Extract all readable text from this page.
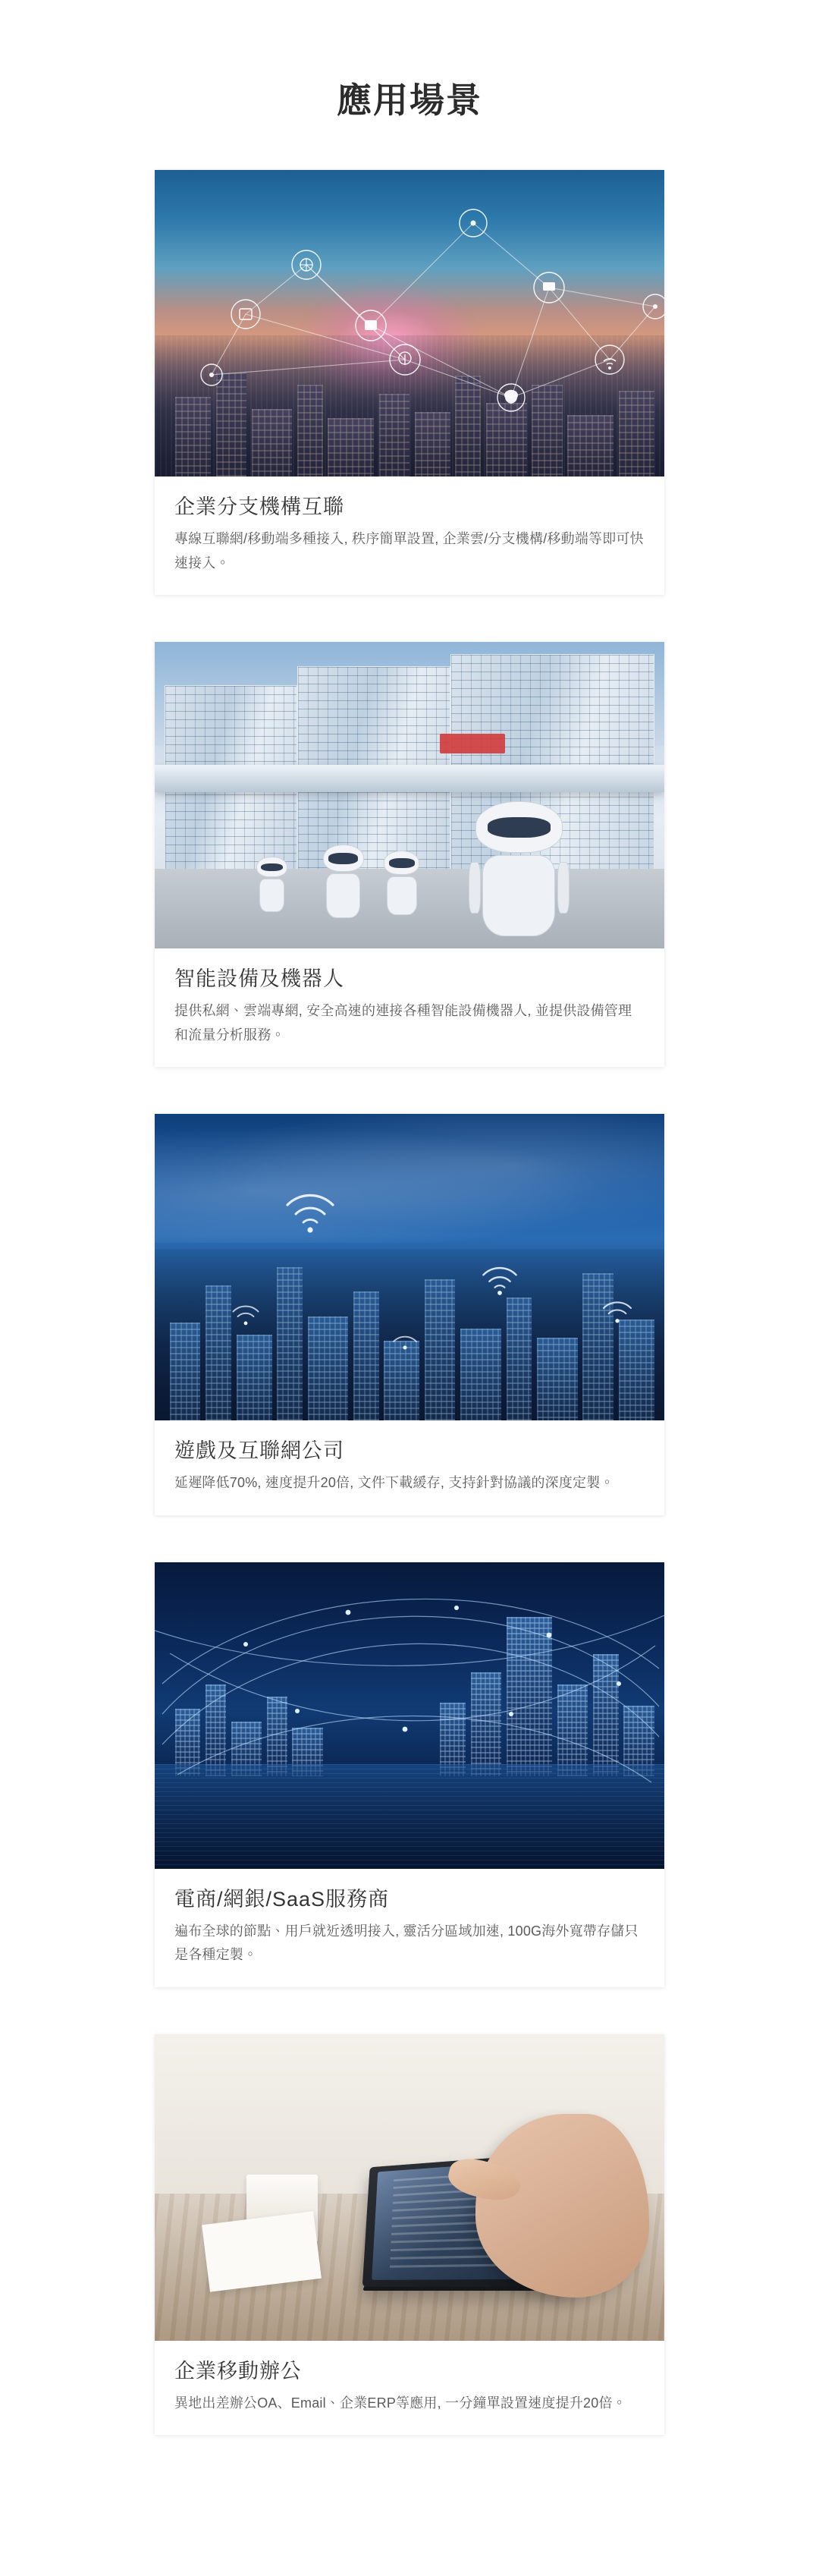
應用場景
企業分支機構互聯
專線互聯網/移動端多種接入, 秩序簡單設置, 企業雲/分支機構/移動端等即可快速接入。
智能設備及機器人
提供私網、雲端專網, 安全高速的連接各種智能設備機器人, 並提供設備管理和流量分析服務。
遊戲及互聯網公司
延遲降低70%, 速度提升20倍, 文件下載緩存, 支持針對協議的深度定製。
電商/網銀/SaaS服務商
遍布全球的節點、用戶就近透明接入, 靈活分區域加速, 100G海外寬帶存儲只是各種定製。
企業移動辦公
異地出差辦公OA、Email、企業ERP等應用, 一分鐘單設置速度提升20倍。
